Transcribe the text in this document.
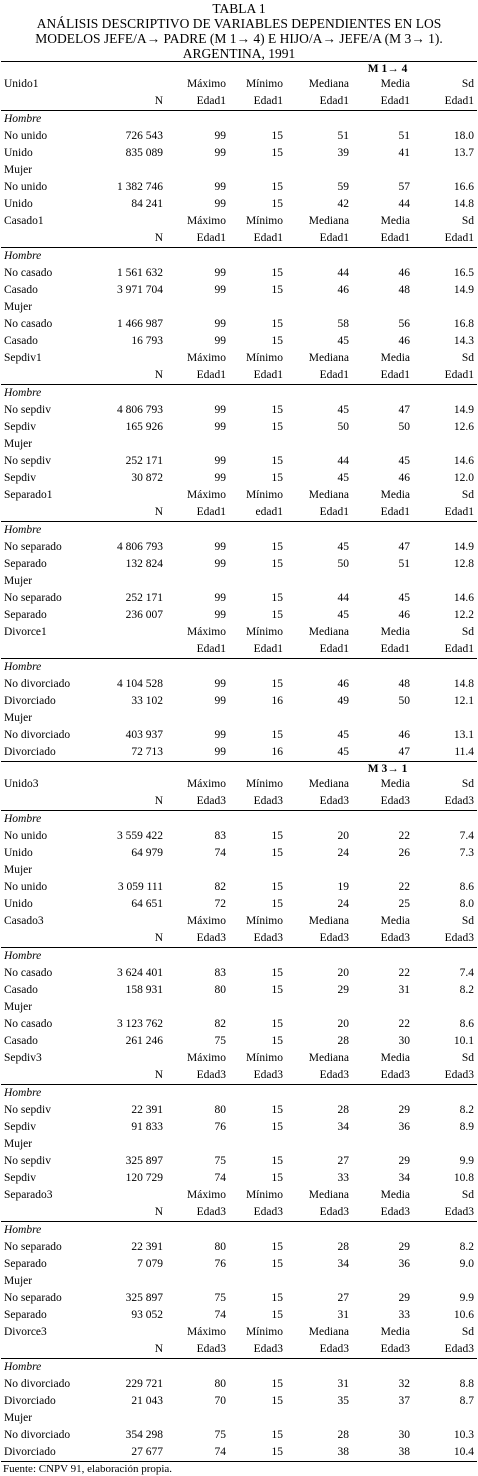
TABLA 1
ANÁLISIS DESCRIPTIVO DE VARIABLES DEPENDIENTES EN LOS
MODELOS JEFE/A→ PADRE (M 1→ 4) E HIJO/A→ JEFE/A (M 3→ 1).
ARGENTINA, 1991
M 1→ 4						
Unido1		Máximo	Mínimo	Mediana	Media	Sd
	N	Edad1	Edad1	Edad1	Edad1	Edad1
Hombre						
No unido	726 543	99	15	51	51	18.0
Unido	835 089	99	15	39	41	13.7
Mujer						
No unido	1 382 746	99	15	59	57	16.6
Unido	84 241	99	15	42	44	14.8
Casado1		Máximo	Mínimo	Mediana	Media	Sd
	N	Edad1	Edad1	Edad1	Edad1	Edad1
Hombre						
No casado	1 561 632	99	15	44	46	16.5
Casado	3 971 704	99	15	46	48	14.9
Mujer						
No casado	1 466 987	99	15	58	56	16.8
Casado	16 793	99	15	45	46	14.3
Sepdiv1		Máximo	Mínimo	Mediana	Media	Sd
	N	Edad1	Edad1	Edad1	Edad1	Edad1
Hombre						
No sepdiv	4 806 793	99	15	45	47	14.9
Sepdiv	165 926	99	15	50	50	12.6
Mujer						
No sepdiv	252 171	99	15	44	45	14.6
Sepdiv	30 872	99	15	45	46	12.0
Separado1		Máximo	Mínimo	Mediana	Media	Sd
	N	Edad1	edad1	Edad1	Edad1	Edad1
Hombre						
No separado	4 806 793	99	15	45	47	14.9
Separado	132 824	99	15	50	51	12.8
Mujer						
No separado	252 171	99	15	44	45	14.6
Separado	236 007	99	15	45	46	12.2
Divorce1		Máximo	Mínimo	Mediana	Media	Sd
		Edad1	Edad1	Edad1	Edad1	Edad1
Hombre						
No divorciado	4 104 528	99	15	46	48	14.8
Divorciado	33 102	99	16	49	50	12.1
Mujer						
No divorciado	403 937	99	15	45	46	13.1
Divorciado	72 713	99	16	45	47	11.4
M 3→ 1						
Unido3		Máximo	Mínimo	Mediana	Media	Sd
	N	Edad3	Edad3	Edad3	Edad3	Edad3
Hombre						
No unido	3 559 422	83	15	20	22	7.4
Unido	64 979	74	15	24	26	7.3
Mujer						
No unido	3 059 111	82	15	19	22	8.6
Unido	64 651	72	15	24	25	8.0
Casado3		Máximo	Mínimo	Mediana	Media	Sd
	N	Edad3	Edad3	Edad3	Edad3	Edad3
Hombre						
No casado	3 624 401	83	15	20	22	7.4
Casado	158 931	80	15	29	31	8.2
Mujer						
No casado	3 123 762	82	15	20	22	8.6
Casado	261 246	75	15	28	30	10.1
Sepdiv3		Máximo	Mínimo	Mediana	Media	Sd
	N	Edad3	Edad3	Edad3	Edad3	Edad3
Hombre						
No sepdiv	22 391	80	15	28	29	8.2
Sepdiv	91 833	76	15	34	36	8.9
Mujer						
No sepdiv	325 897	75	15	27	29	9.9
Sepdiv	120 729	74	15	33	34	10.8
Separado3		Máximo	Mínimo	Mediana	Media	Sd
	N	Edad3	Edad3	Edad3	Edad3	Edad3
Hombre						
No separado	22 391	80	15	28	29	8.2
Separado	7 079	76	15	34	36	9.0
Mujer						
No separado	325 897	75	15	27	29	9.9
Separado	93 052	74	15	31	33	10.6
Divorce3		Máximo	Mínimo	Mediana	Media	Sd
	N	Edad3	Edad3	Edad3	Edad3	Edad3
Hombre						
No divorciado	229 721	80	15	31	32	8.8
Divorciado	21 043	70	15	35	37	8.7
Mujer						
No divorciado	354 298	75	15	28	30	10.3
Divorciado	27 677	74	15	38	38	10.4
Fuente: CNPV 91, elaboración propia.
